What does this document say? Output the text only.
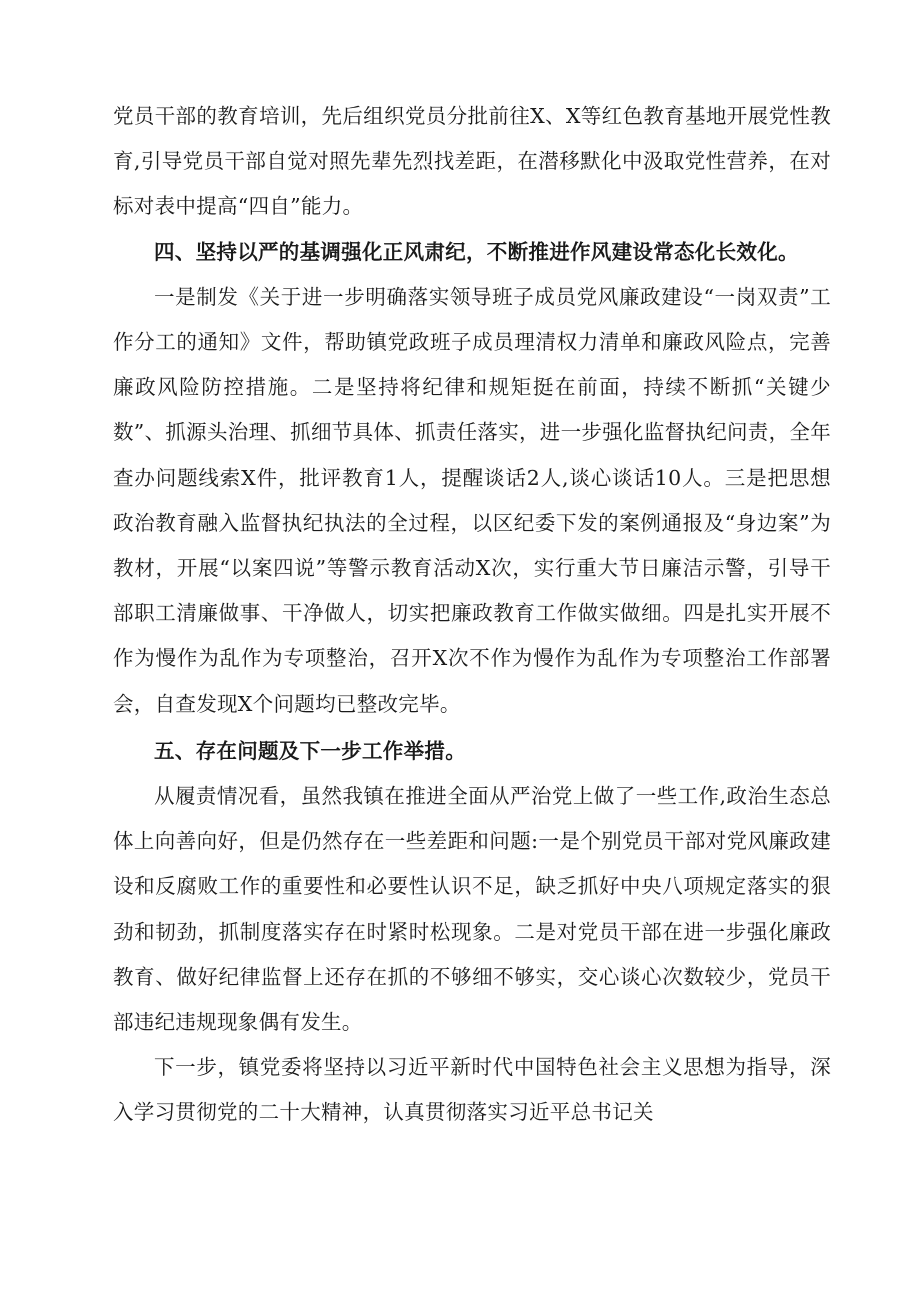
党员干部的教育培训，先后组织党员分批前往X、X等红色教育基地开展党性教育,引导党员干部自觉对照先辈先烈找差距，在潜移默化中汲取党性营养，在对标对表中提高“四自”能力。

四、坚持以严的基调强化正风肃纪，不断推进作风建设常态化长效化。

一是制发《关于进一步明确落实领导班子成员党风廉政建设“一岗双责”工作分工的通知》文件，帮助镇党政班子成员理清权力清单和廉政风险点，完善廉政风险防控措施。二是坚持将纪律和规矩挺在前面，持续不断抓“关键少数”、抓源头治理、抓细节具体、抓责任落实，进一步强化监督执纪问责，全年查办问题线索X件，批评教育1人，提醒谈话2人,谈心谈话10人。三是把思想政治教育融入监督执纪执法的全过程，以区纪委下发的案例通报及“身边案”为教材，开展“以案四说”等警示教育活动X次，实行重大节日廉洁示警，引导干部职工清廉做事、干净做人，切实把廉政教育工作做实做细。四是扎实开展不作为慢作为乱作为专项整治，召开X次不作为慢作为乱作为专项整治工作部署会，自查发现X个问题均已整改完毕。

五、存在问题及下一步工作举措。

从履责情况看，虽然我镇在推进全面从严治党上做了一些工作,政治生态总体上向善向好，但是仍然存在一些差距和问题:一是个别党员干部对党风廉政建设和反腐败工作的重要性和必要性认识不足，缺乏抓好中央八项规定落实的狠劲和韧劲，抓制度落实存在时紧时松现象。二是对党员干部在进一步强化廉政教育、做好纪律监督上还存在抓的不够细不够实，交心谈心次数较少，党员干部违纪违规现象偶有发生。

下一步，镇党委将坚持以习近平新时代中国特色社会主义思想为指导，深入学习贯彻党的二十大精神，认真贯彻落实习近平总书记关
